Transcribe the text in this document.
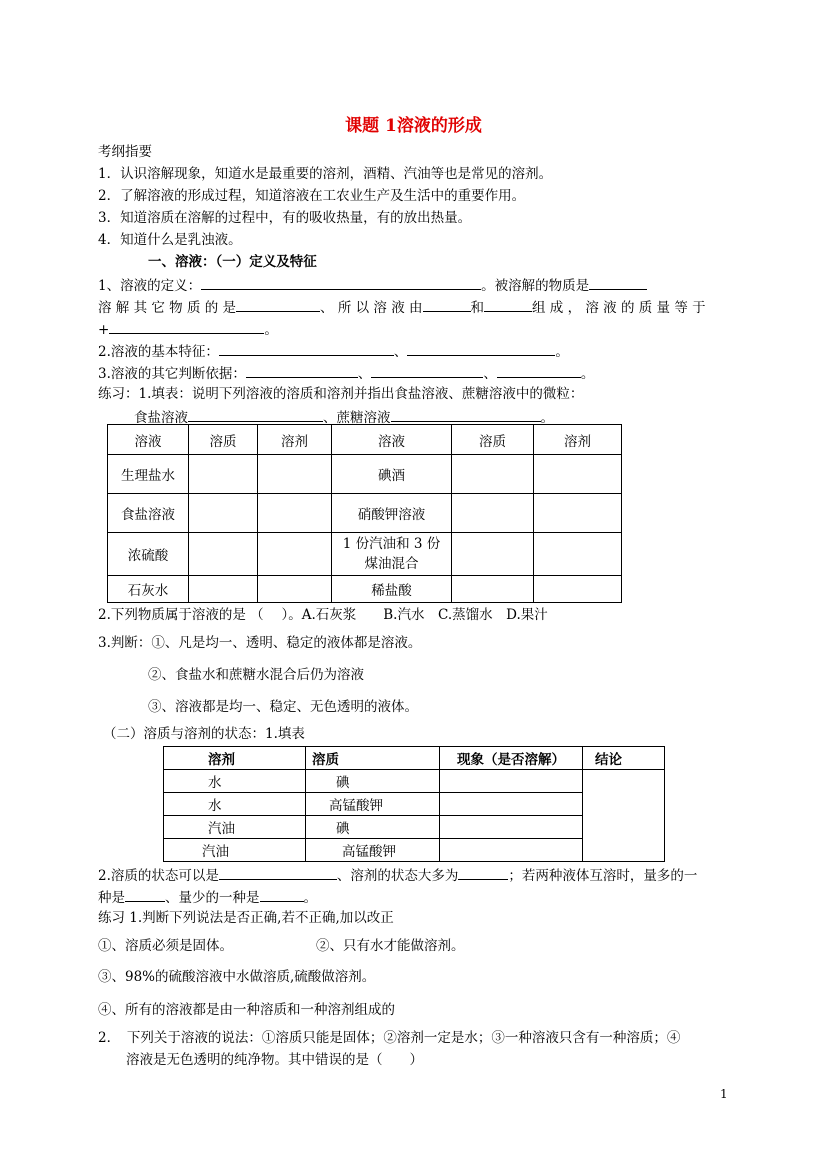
课题 1溶液的形成
考纲指要
1．认识溶解现象，知道水是最重要的溶剂，酒精、汽油等也是常见的溶剂。
2．了解溶液的形成过程，知道溶液在工农业生产及生活中的重要作用。
3．知道溶质在溶解的过程中，有的吸收热量，有的放出热量。
4．知道什么是乳浊液。
一、溶液：（一）定义及特征
1、溶液的定义：	。被溶解的物质是
溶 解 其 它 物 质 的 是	、 所 以 溶 液 由	和	组 成 ， 溶 液 的 质 量 等 于
+	。
2.溶液的基本特征：	、	。
3.溶液的其它判断依据：	、	、	。
练习：1.填表：说明下列溶液的溶质和溶剂并指出食盐溶液、蔗糖溶液中的微粒：
食盐溶液	、蔗糖溶液	。
溶液	溶质	溶剂	溶液	溶质	溶剂
生理盐水			碘酒		
食盐溶液			硝酸钾溶液		
浓硫酸			1 份汽油和 3 份煤油混合		
石灰水			稀盐酸		
2.下列物质属于溶液的是 （　 ）。A.石灰浆　　B.汽水　C.蒸馏水　D.果汁
3.判断：①、凡是均一、透明、稳定的液体都是溶液。
②、食盐水和蔗糖水混合后仍为溶液
③、溶液都是均一、稳定、无色透明的液体。
（二）溶质与溶剂的状态：1.填表
溶剂	溶质	现象（是否溶解）	结论
水	碘		
水	高锰酸钾		
汽油	碘		
汽油	高锰酸钾		
2.溶质的状态可以是	、溶剂的状态大多为	；若两种液体互溶时，量多的一
种是	、量少的一种是	。
练习 1.判断下列说法是否正确,若不正确,加以改正
①、溶质必须是固体。	②、只有水才能做溶剂。
③、98%的硫酸溶液中水做溶质,硫酸做溶剂。
④、所有的溶液都是由一种溶质和一种溶剂组成的
2．　下列关于溶液的说法：①溶质只能是固体；②溶剂一定是水；③一种溶液只含有一种溶质；④
溶液是无色透明的纯净物。其中错误的是（　　）
1
